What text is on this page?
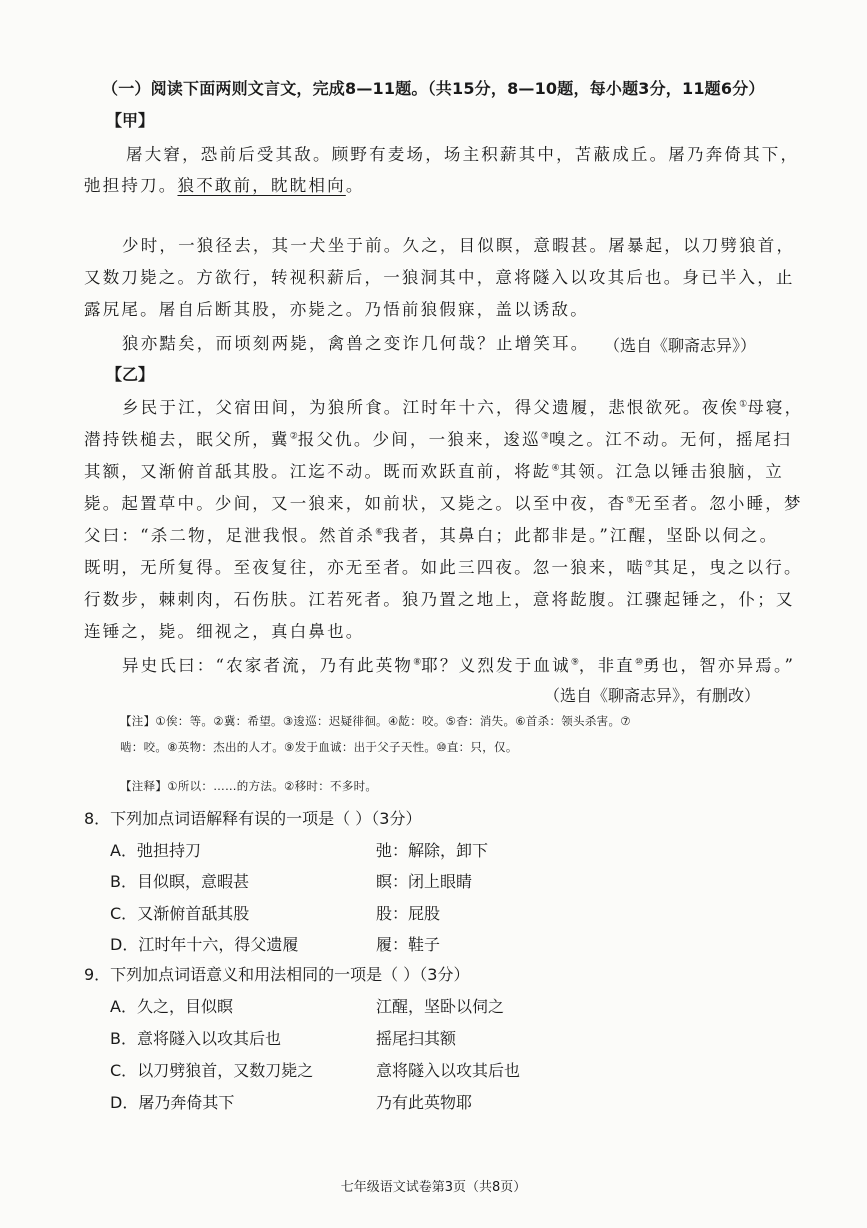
（一）阅读下面两则文言文，完成8—11题。（共15分，8—10题，每小题3分，11题6分）
【甲】
屠大窘，恐前后受其敌。顾野有麦场，场主积薪其中，苫蔽成丘。屠乃奔倚其下，
弛担持刀。狼不敢前，眈眈相向。
少时，一狼径去，其一犬坐于前。久之，目似瞑，意暇甚。屠暴起，以刀劈狼首，
又数刀毙之。方欲行，转视积薪后，一狼洞其中，意将隧入以攻其后也。身已半入，止
露尻尾。屠自后断其股，亦毙之。乃悟前狼假寐，盖以诱敌。
狼亦黠矣，而顷刻两毙，禽兽之变诈几何哉？止增笑耳。 （选自《聊斋志异》）
【乙】
乡民于江，父宿田间，为狼所食。江时年十六，得父遗履，悲恨欲死。夜俟①母寝，
潜持铁槌去，眠父所，冀②报父仇。少间，一狼来，逡巡③嗅之。江不动。无何，摇尾扫
其额，又渐俯首舐其股。江迄不动。既而欢跃直前，将龁④其领。江急以锤击狼脑，立
毙。起置草中。少间，又一狼来，如前状，又毙之。以至中夜，杳⑤无至者。忽小睡，梦
父曰：“杀二物，足泄我恨。然首杀⑥我者，其鼻白；此都非是。”江醒，坚卧以伺之。
既明，无所复得。至夜复往，亦无至者。如此三四夜。忽一狼来，啮⑦其足，曳之以行。
行数步，棘刺肉，石伤肤。江若死者。狼乃置之地上，意将龁腹。江骤起锤之，仆；又
连锤之，毙。细视之，真白鼻也。
异史氏曰：“农家者流，乃有此英物⑧耶？义烈发于血诚⑨，非直⑩勇也，智亦异焉。”
（选自《聊斋志异》，有删改）
【注】①俟：等。②冀：希望。③逡巡：迟疑徘徊。④龁：咬。⑤杳：消失。⑥首杀：领头杀害。⑦
啮：咬。⑧英物：杰出的人才。⑨发于血诚：出于父子天性。⑩直：只，仅。
【注释】①所以：……的方法。②移时：不多时。
8．下列加点词语解释有误的一项是（ ）（3分）
A．弛担持刀	弛：解除，卸下
B．目似瞑，意暇甚	瞑：闭上眼睛
C．又渐俯首舐其股	股：屁股
D．江时年十六，得父遗履	履：鞋子
9．下列加点词语意义和用法相同的一项是（ ）（3分）
A．久之，目似瞑	江醒，坚卧以伺之
B．意将隧入以攻其后也	摇尾扫其额
C．以刀劈狼首，又数刀毙之	意将隧入以攻其后也
D．屠乃奔倚其下	乃有此英物耶
七年级语文试卷第3页（共8页）
